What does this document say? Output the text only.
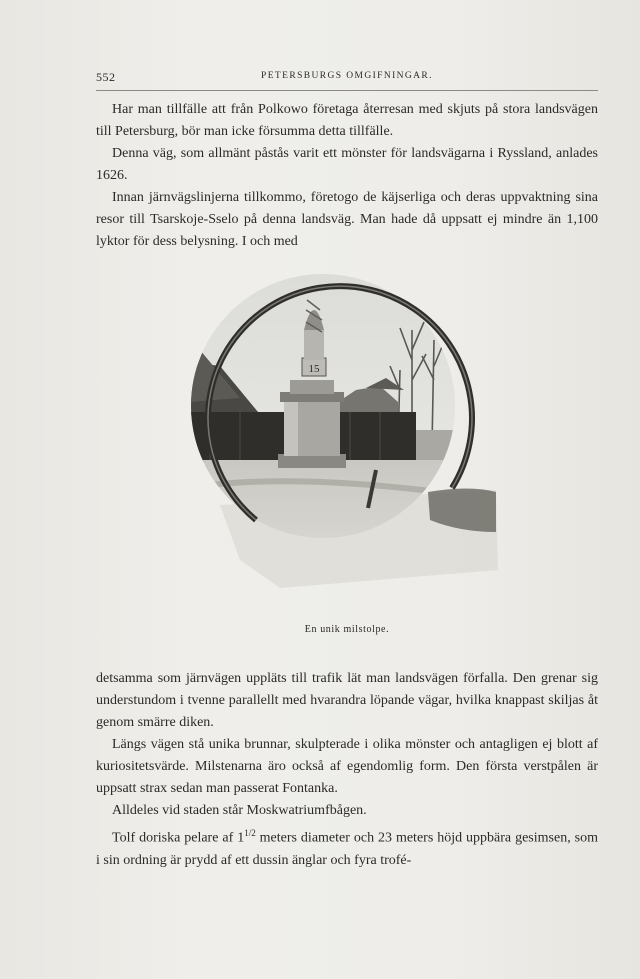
552	PETERSBURGS OMGIFNINGAR.

Har man tillfälle att från Polkowo företaga återresan med skjuts på stora landsvägen till Petersburg, bör man icke försumma detta tillfälle.

Denna väg, som allmänt påstås varit ett mönster för landsvägarna i Ryssland, anlades 1626.

Innan järnvägslinjerna tillkommo, företogo de käjserliga och deras uppvaktning sina resor till Tsarskoje-Sselo på denna landsväg. Man hade då uppsatt ej mindre än 1,100 lyktor för dess belysning. I och med

15
En unik milstolpe.

detsamma som järnvägen uppläts till trafik lät man landsvägen förfalla. Den grenar sig understundom i tvenne parallellt med hvarandra löpande vägar, hvilka knappast skiljas åt genom smärre diken.

Längs vägen stå unika brunnar, skulpterade i olika mönster och antagligen ej blott af kuriositetsvärde. Milstenarna äro också af egendomlig form. Den första verstpålen är uppsatt strax sedan man passerat Fontanka.

Alldeles vid staden står Moskwatriumfbågen.

Tolf doriska pelare af $1^{1/2}$ meters diameter och 23 meters höjd uppbära gesimsen, som i sin ordning är prydd af ett dussin änglar och fyra trofé-
